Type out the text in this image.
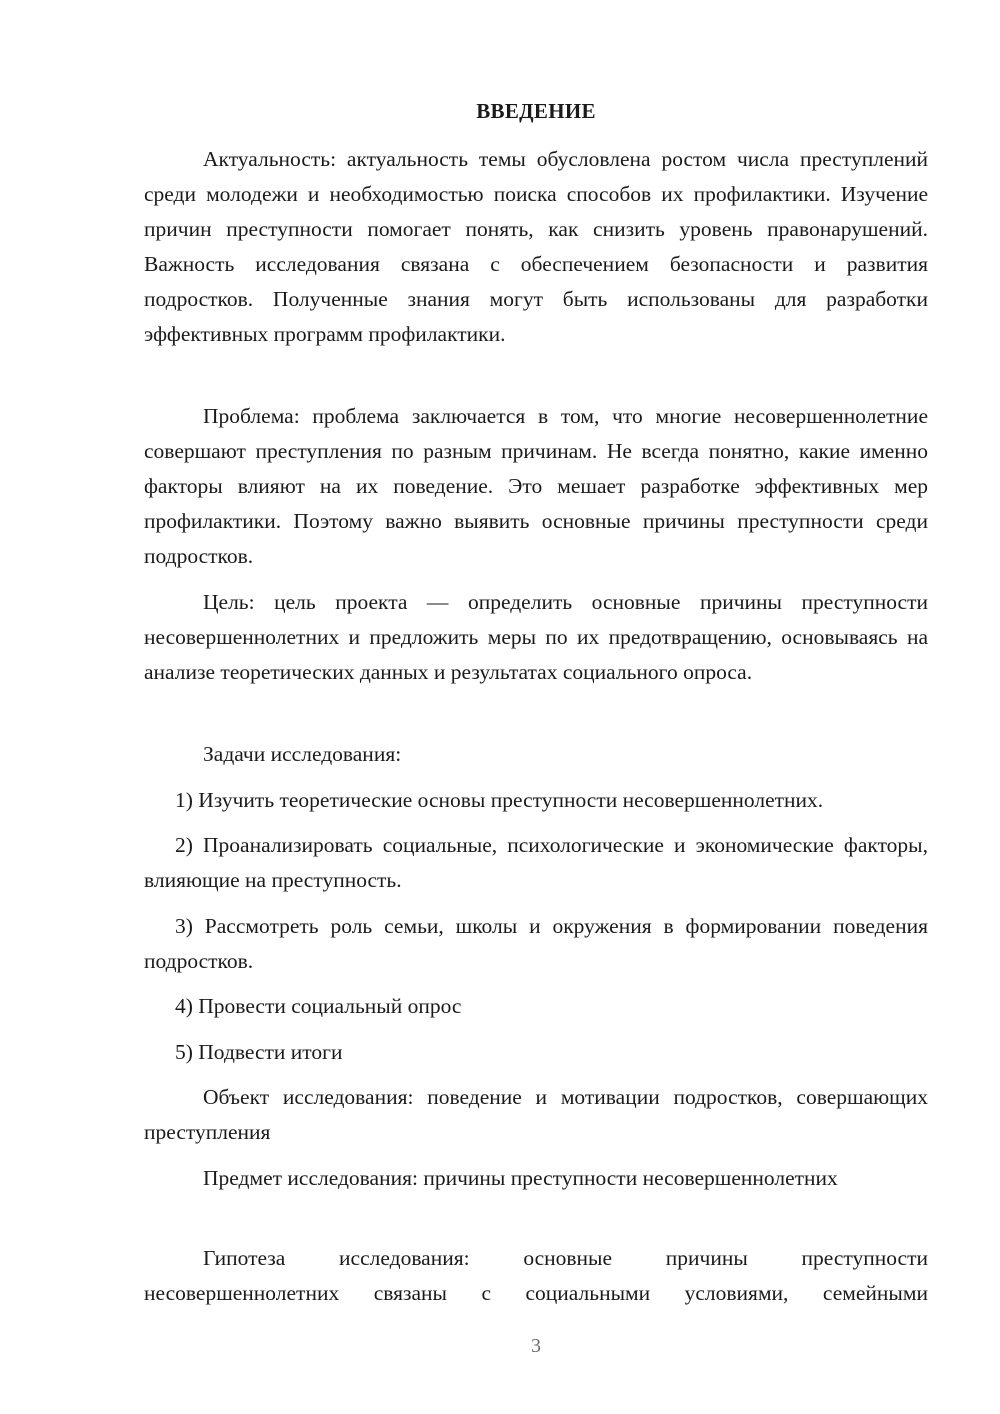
ВВЕДЕНИЕ

Актуальность: актуальность темы обусловлена ростом числа преступлений среди молодежи и необходимостью поиска способов их профилактики. Изучение причин преступности помогает понять, как снизить уровень правонарушений. Важность исследования связана с обеспечением безопасности и развития подростков. Полученные знания могут быть использованы для разработки эффективных программ профилактики.

Проблема: проблема заключается в том, что многие несовершеннолетние совершают преступления по разным причинам. Не всегда понятно, какие именно факторы влияют на их поведение. Это мешает разработке эффективных мер профилактики. Поэтому важно выявить основные причины преступности среди подростков.

Цель: цель проекта — определить основные причины преступности несовершеннолетних и предложить меры по их предотвращению, основываясь на анализе теоретических данных и результатах социального опроса.

Задачи исследования:

1) Изучить теоретические основы преступности несовершеннолетних.

2) Проанализировать социальные, психологические и экономические факторы, влияющие на преступность.

3) Рассмотреть роль семьи, школы и окружения в формировании поведения подростков.

4) Провести социальный опрос

5) Подвести итоги

Объект исследования: поведение и мотивации подростков, совершающих преступления

Предмет исследования: причины преступности несовершеннолетних

Гипотеза исследования: основные причины преступности несовершеннолетних связаны с социальными условиями, семейными

3
